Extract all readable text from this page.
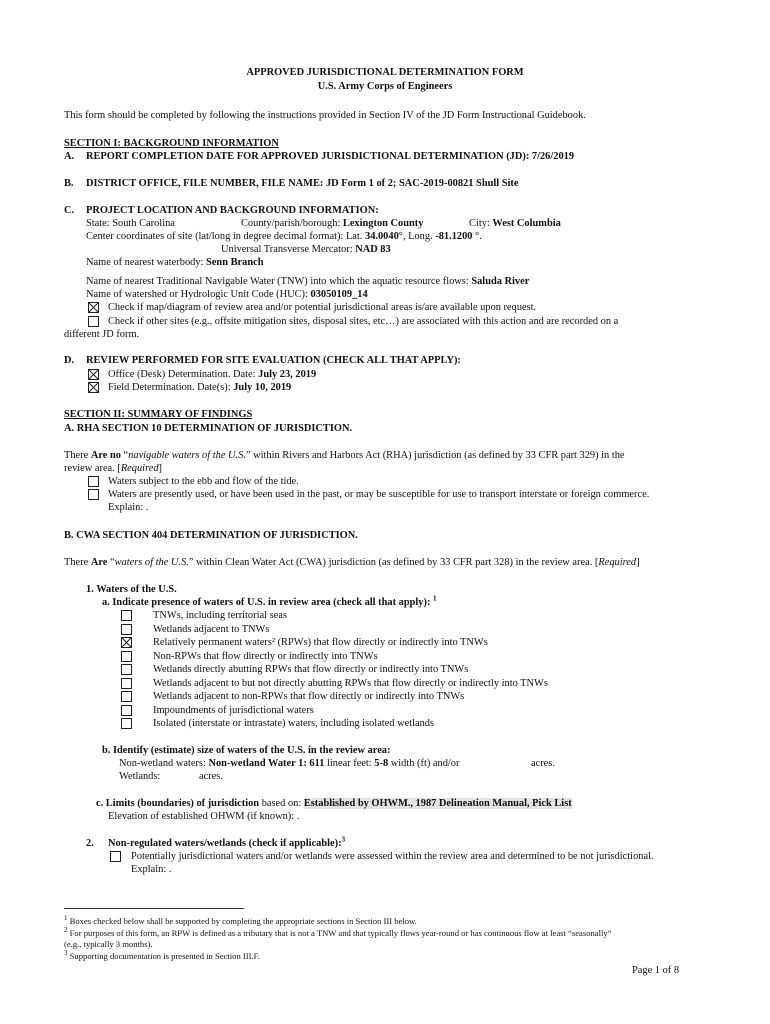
APPROVED JURISDICTIONAL DETERMINATION FORM
U.S. Army Corps of Engineers
This form should be completed by following the instructions provided in Section IV of the JD Form Instructional Guidebook.
SECTION I: BACKGROUND INFORMATION
A. REPORT COMPLETION DATE FOR APPROVED JURISDICTIONAL DETERMINATION (JD): 7/26/2019
B. DISTRICT OFFICE, FILE NUMBER, FILE NAME: JD Form 1 of 2; SAC-2019-00821 Shull Site
C. PROJECT LOCATION AND BACKGROUND INFORMATION:
State: South Carolina	County/parish/borough: Lexington County	City: West Columbia
Center coordinates of site (lat/long in degree decimal format): Lat. 34.0040°, Long. -81.1200 °.
Universal Transverse Mercator: NAD 83
Name of nearest waterbody: Senn Branch
Name of nearest Traditional Navigable Water (TNW) into which the aquatic resource flows: Saluda River
Name of watershed or Hydrologic Unit Code (HUC): 03050109_14
Check if map/diagram of review area and/or potential jurisdictional areas is/are available upon request.
Check if other sites (e.g., offsite mitigation sites, disposal sites, etc…) are associated with this action and are recorded on a
different JD form.
D. REVIEW PERFORMED FOR SITE EVALUATION (CHECK ALL THAT APPLY):
Office (Desk) Determination. Date: July 23, 2019
Field Determination. Date(s): July 10, 2019
SECTION II: SUMMARY OF FINDINGS
A. RHA SECTION 10 DETERMINATION OF JURISDICTION.
There Are no “navigable waters of the U.S.” within Rivers and Harbors Act (RHA) jurisdiction (as defined by 33 CFR part 329) in the
review area. [Required]
Waters subject to the ebb and flow of the tide.
Waters are presently used, or have been used in the past, or may be susceptible for use to transport interstate or foreign commerce.
Explain: .
B. CWA SECTION 404 DETERMINATION OF JURISDICTION.
There Are “waters of the U.S.” within Clean Water Act (CWA) jurisdiction (as defined by 33 CFR part 328) in the review area. [Required]
1. Waters of the U.S.
a. Indicate presence of waters of U.S. in review area (check all that apply): $^1$
TNWs, including territorial seas
Wetlands adjacent to TNWs
Relatively permanent waters² (RPWs) that flow directly or indirectly into TNWs
Non-RPWs that flow directly or indirectly into TNWs
Wetlands directly abutting RPWs that flow directly or indirectly into TNWs
Wetlands adjacent to but not directly abutting RPWs that flow directly or indirectly into TNWs
Wetlands adjacent to non-RPWs that flow directly or indirectly into TNWs
Impoundments of jurisdictional waters
Isolated (interstate or intrastate) waters, including isolated wetlands
b. Identify (estimate) size of waters of the U.S. in the review area:
Non-wetland waters: Non-wetland Water 1: 611 linear feet: 5-8 width (ft) and/or	acres.
Wetlands:	acres.
c. Limits (boundaries) of jurisdiction based on: Established by OHWM., 1987 Delineation Manual, Pick List
Elevation of established OHWM (if known): .
2. Non-regulated waters/wetlands (check if applicable):$^3$
Potentially jurisdictional waters and/or wetlands were assessed within the review area and determined to be not jurisdictional.
Explain: .
$^1$ Boxes checked below shall be supported by completing the appropriate sections in Section III below.
$^2$ For purposes of this form, an RPW is defined as a tributary that is not a TNW and that typically flows year-round or has continuous flow at least “seasonally”
(e.g., typically 3 months).
$^3$ Supporting documentation is presented in Section III.F.
Page 1 of 8
